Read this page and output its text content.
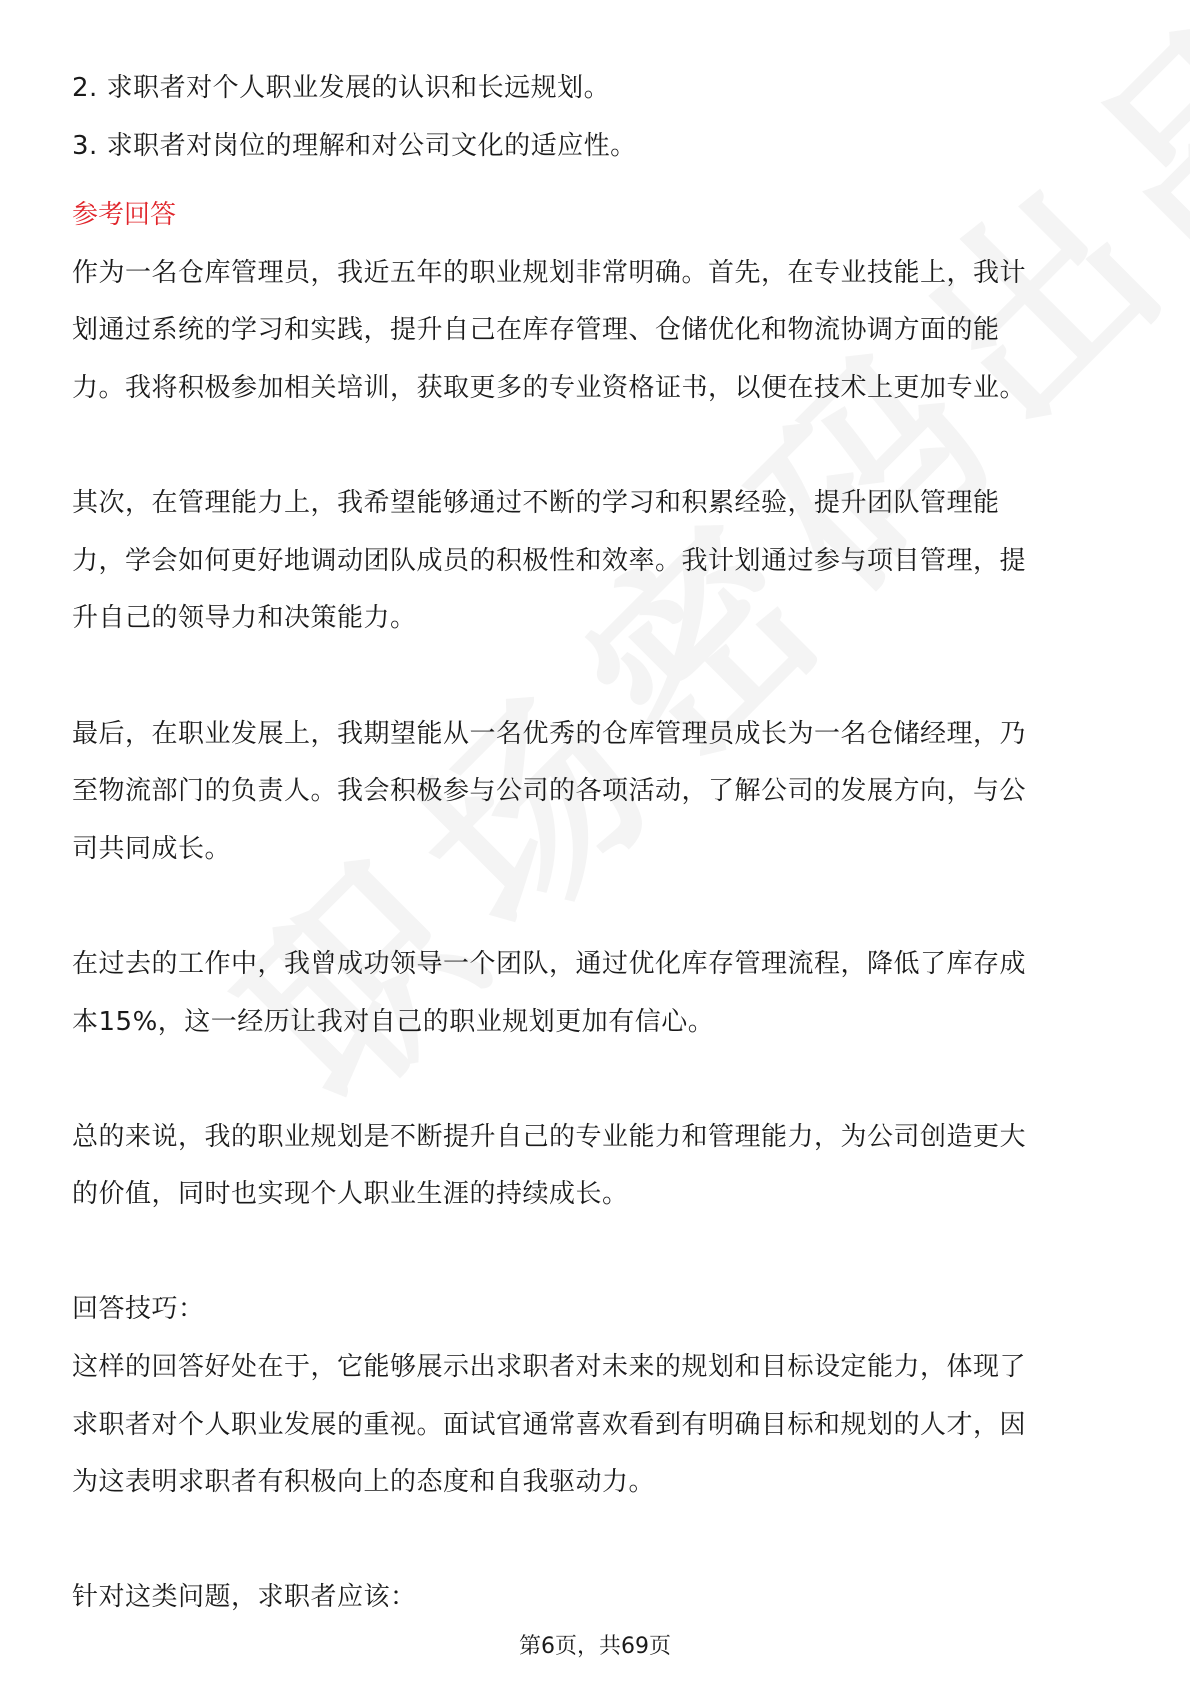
2. 求职者对个人职业发展的认识和长远规划。
3. 求职者对岗位的理解和对公司文化的适应性。
参考回答
作为一名仓库管理员，我近五年的职业规划非常明确。首先，在专业技能上，我计
划通过系统的学习和实践，提升自己在库存管理、仓储优化和物流协调方面的能
力。我将积极参加相关培训，获取更多的专业资格证书，以便在技术上更加专业。
其次，在管理能力上，我希望能够通过不断的学习和积累经验，提升团队管理能
力，学会如何更好地调动团队成员的积极性和效率。我计划通过参与项目管理，提
升自己的领导力和决策能力。
最后，在职业发展上，我期望能从一名优秀的仓库管理员成长为一名仓储经理，乃
至物流部门的负责人。我会积极参与公司的各项活动，了解公司的发展方向，与公
司共同成长。
在过去的工作中，我曾成功领导一个团队，通过优化库存管理流程，降低了库存成
本15%，这一经历让我对自己的职业规划更加有信心。
总的来说，我的职业规划是不断提升自己的专业能力和管理能力，为公司创造更大
的价值，同时也实现个人职业生涯的持续成长。
回答技巧：
这样的回答好处在于，它能够展示出求职者对未来的规划和目标设定能力，体现了
求职者对个人职业发展的重视。面试官通常喜欢看到有明确目标和规划的人才，因
为这表明求职者有积极向上的态度和自我驱动力。
针对这类问题，求职者应该：
第6页，共69页
